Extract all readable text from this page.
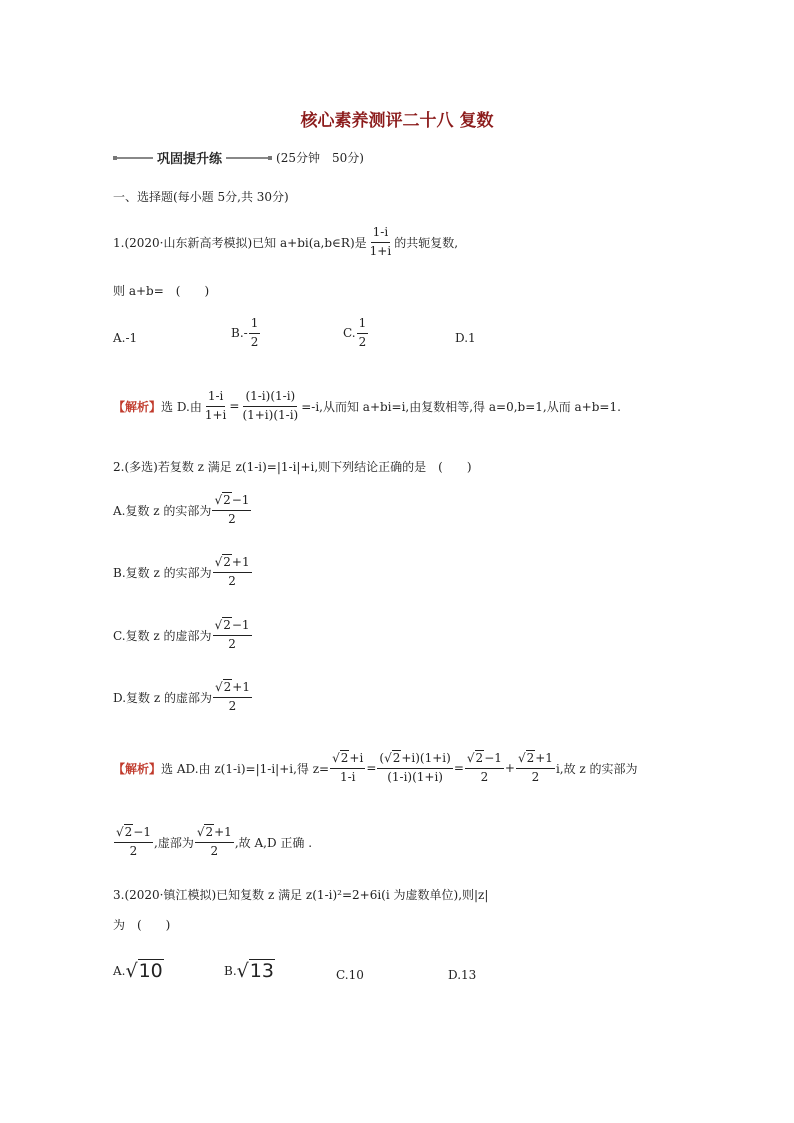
核心素养测评二十八 复数
巩固提升练	(25分钟　50分)
一、选择题(每小题 5分,共 30分)
1.(2020·山东新高考模拟)已知 a+bi(a,b∈R)是 $\frac{1-i}{1+i}$ 的共轭复数,
则 a+b=　(　　)
A.-1	$B.- \frac{1}{2}$	C. $\frac{1}{2}$	D.1
【解析】 选 D.由 $\frac{1-i}{1+i} = \frac{(1-i)(1-i)}{(1+i)(1-i)} =-i$,从而知 a+bi=i,由复数相等,得 a=0,b=1,从而 a+b=1.
2.(多选)若复数 z 满足 z(1-i)=|1-i|+i,则下列结论正确的是　(　　)
A.复数 z 的实部为 $\frac{√2-1}{2}$
B.复数 z 的实部为 $\frac{√2+1}{2}$
C.复数 z 的虚部为 $\frac{√2-1}{2}$
D.复数 z 的虚部为 $\frac{√2+1}{2}$
【解析】 选 AD.由 z(1-i)=|1-i|+i,得 $z= \frac{√2+i}{1-i} = \frac{(√2+i)(1+i)}{(1-i)(1+i)} = \frac{√2-1}{2} + \frac{√2+1}{2} i$,故 z 的实部为
$\frac{√2-1}{2}$ ,虚部为 $\frac{√2+1}{2}$ ,故 A,D 正确 .
3.(2020·镇江模拟)已知复数 z 满足 z(1-i)²=2+6i(i 为虚数单位),则|z|
为　(　　)
A. √ 10	B. √ 13	C.10	D.13
